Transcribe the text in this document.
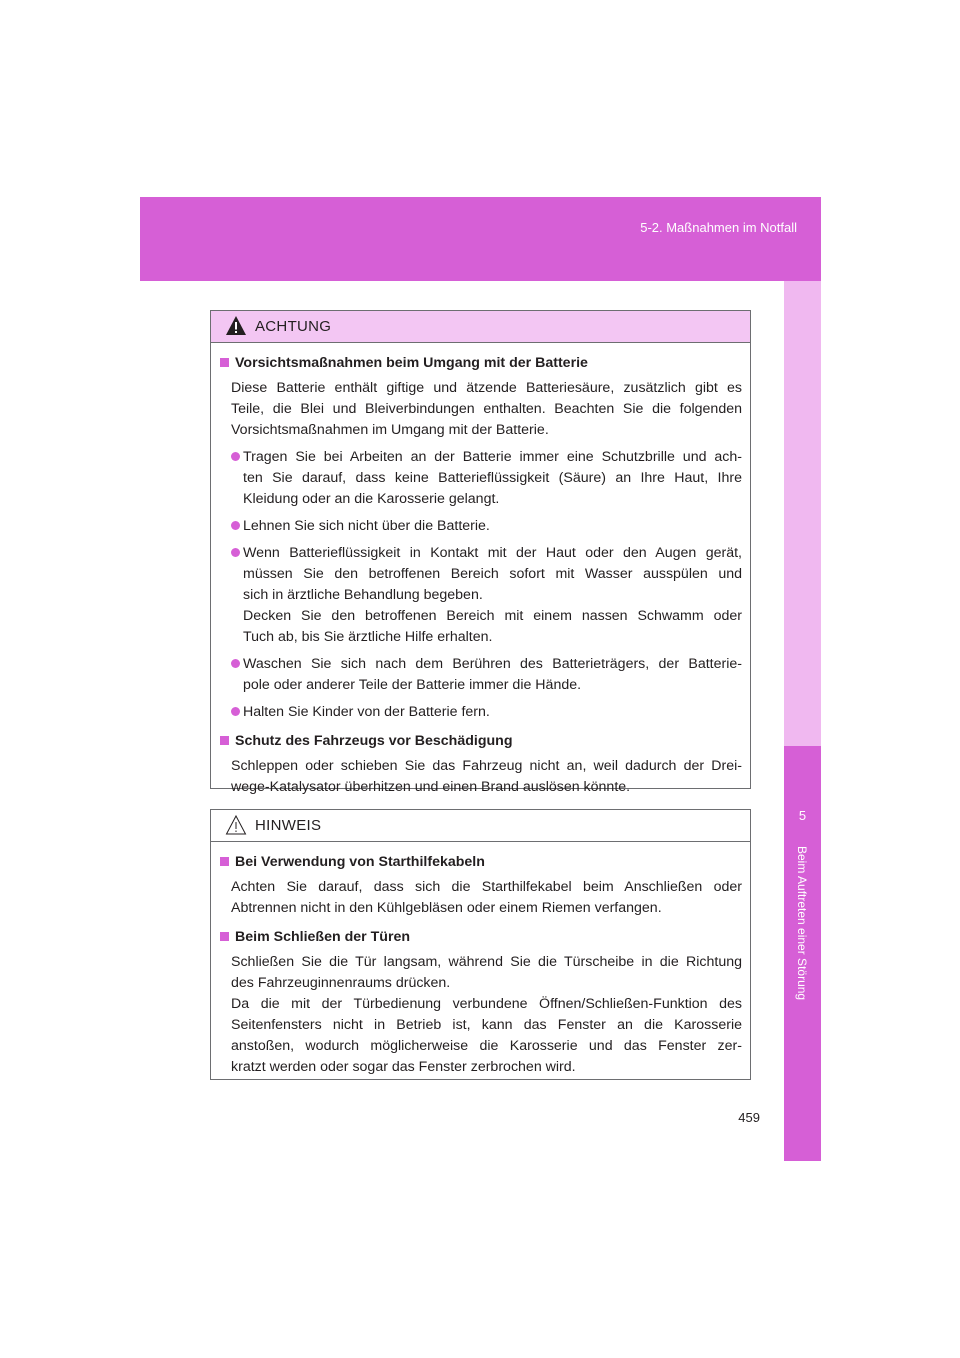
5-2. Maßnahmen im Notfall
5
Beim Auftreten einer Störung
ACHTUNG
Vorsichtsmaßnahmen beim Umgang mit der Batterie
Diese Batterie enthält giftige und ätzende Batteriesäure, zusätzlich gibt es
Teile, die Blei und Bleiverbindungen enthalten. Beachten Sie die folgenden
Vorsichtsmaßnahmen im Umgang mit der Batterie.
Tragen Sie bei Arbeiten an der Batterie immer eine Schutzbrille und ach-
ten Sie darauf, dass keine Batterieflüssigkeit (Säure) an Ihre Haut, Ihre
Kleidung oder an die Karosserie gelangt.
Lehnen Sie sich nicht über die Batterie.
Wenn Batterieflüssigkeit in Kontakt mit der Haut oder den Augen gerät,
müssen Sie den betroffenen Bereich sofort mit Wasser ausspülen und
sich in ärztliche Behandlung begeben.
Decken Sie den betroffenen Bereich mit einem nassen Schwamm oder
Tuch ab, bis Sie ärztliche Hilfe erhalten.
Waschen Sie sich nach dem Berühren des Batterieträgers, der Batterie-
pole oder anderer Teile der Batterie immer die Hände.
Halten Sie Kinder von der Batterie fern.
Schutz des Fahrzeugs vor Beschädigung
Schleppen oder schieben Sie das Fahrzeug nicht an, weil dadurch der Drei-
wege-Katalysator überhitzen und einen Brand auslösen könnte.
HINWEIS
Bei Verwendung von Starthilfekabeln
Achten Sie darauf, dass sich die Starthilfekabel beim Anschließen oder
Abtrennen nicht in den Kühlgebläsen oder einem Riemen verfangen.
Beim Schließen der Türen
Schließen Sie die Tür langsam, während Sie die Türscheibe in die Richtung
des Fahrzeuginnenraums drücken.
Da die mit der Türbedienung verbundene Öffnen/Schließen-Funktion des
Seitenfensters nicht in Betrieb ist, kann das Fenster an die Karosserie
anstoßen, wodurch möglicherweise die Karosserie und das Fenster zer-
kratzt werden oder sogar das Fenster zerbrochen wird.
459
